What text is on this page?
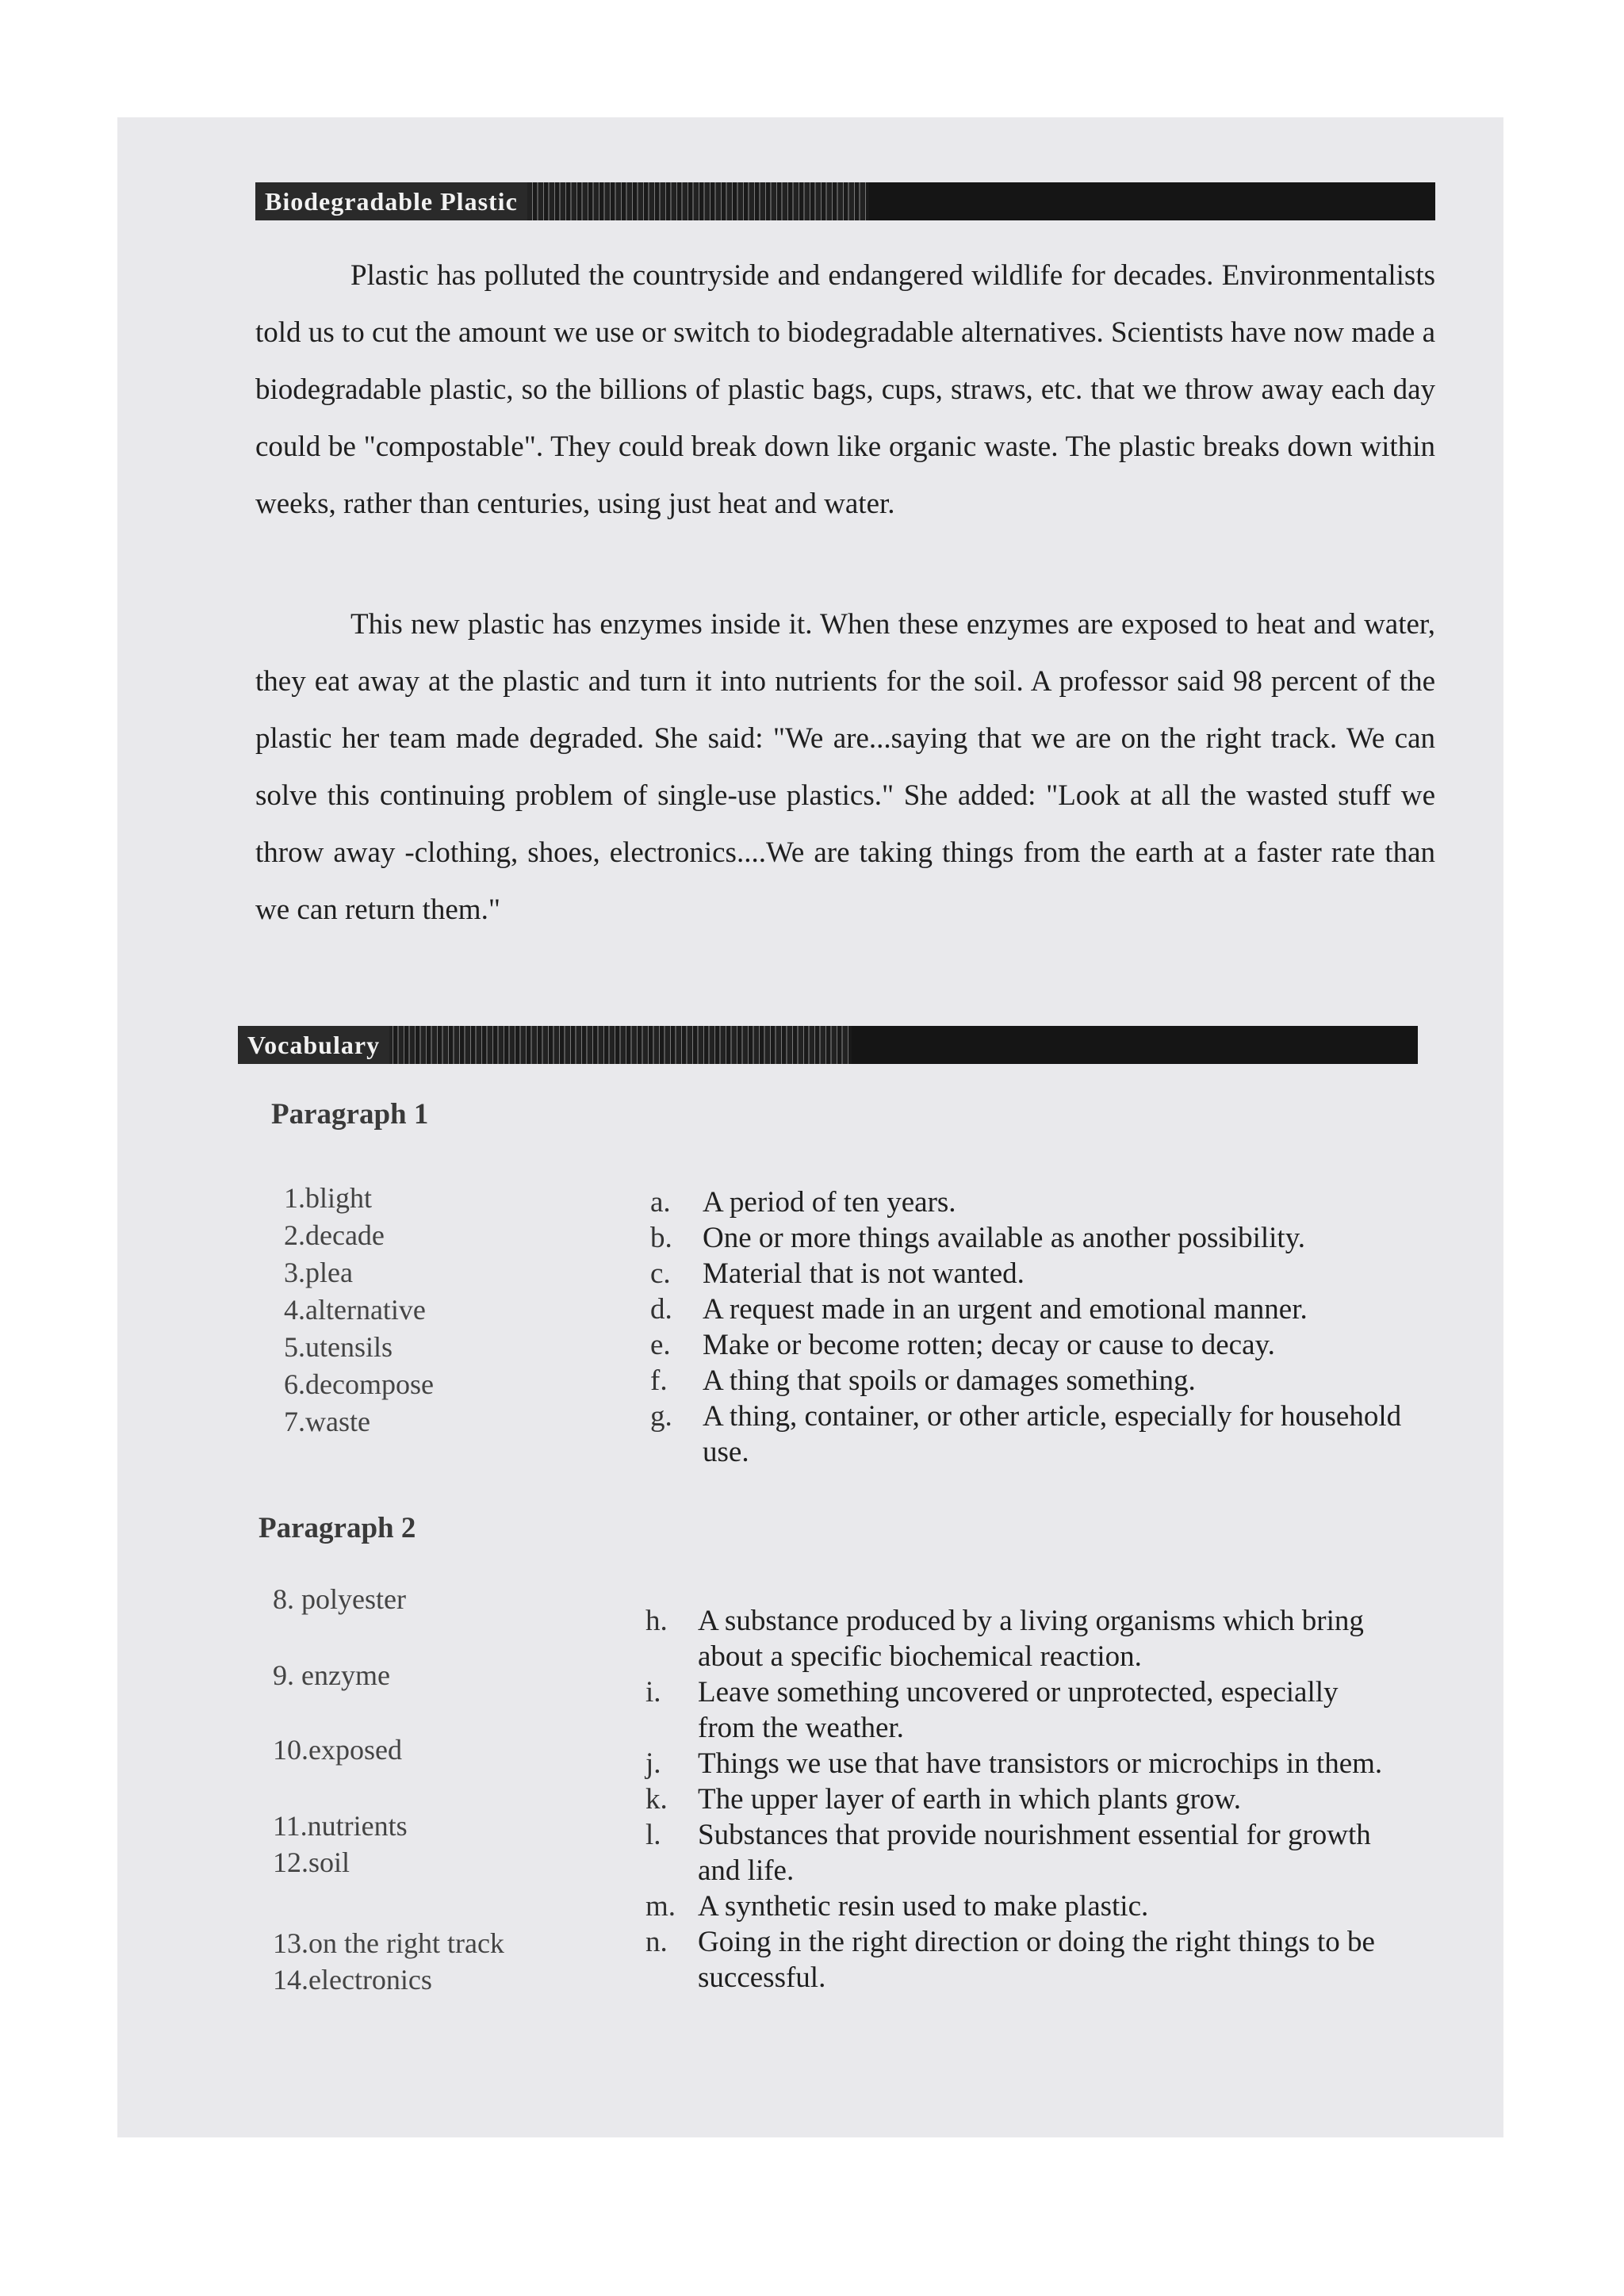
Biodegradable Plastic
Plastic has polluted the countryside and endangered wildlife for decades. Environmentalists told us to cut the amount we use or switch to biodegradable alternatives. Scientists have now made a biodegradable plastic, so the billions of plastic bags, cups, straws, etc. that we throw away each day could be "compostable". They could break down like organic waste. The plastic breaks down within weeks, rather than centuries, using just heat and water.
This new plastic has enzymes inside it. When these enzymes are exposed to heat and water, they eat away at the plastic and turn it into nutrients for the soil. A professor said 98 percent of the plastic her team made degraded. She said: "We are...saying that we are on the right track. We can solve this continuing problem of single-use plastics." She added: "Look at all the wasted stuff we throw away -clothing, shoes, electronics....We are taking things from the earth at a faster rate than we can return them."
Vocabulary
Paragraph 1
1.blight
2.decade
3.plea
4.alternative
5.utensils
6.decompose
7.waste
a.	A period of ten years.
b.	One or more things available as another possibility.
c.	Material that is not wanted.
d.	A request made in an urgent and emotional manner.
e.	Make or become rotten; decay or cause to decay.
f.	A thing that spoils or damages something.
g.	A thing, container, or other article, especially for household use.
Paragraph 2
8. polyester
9. enzyme
10.exposed
11.nutrients
12.soil
13.on the right track
14.electronics
h.	A substance produced by a living organisms which bring about a specific biochemical reaction.
i.	Leave something uncovered or unprotected, especially from the weather.
j.	Things we use that have transistors or microchips in them.
k.	The upper layer of earth in which plants grow.
l.	Substances that provide nourishment essential for growth and life.
m. A synthetic resin used to make plastic.
n.	Going in the right direction or doing the right things to be successful.
